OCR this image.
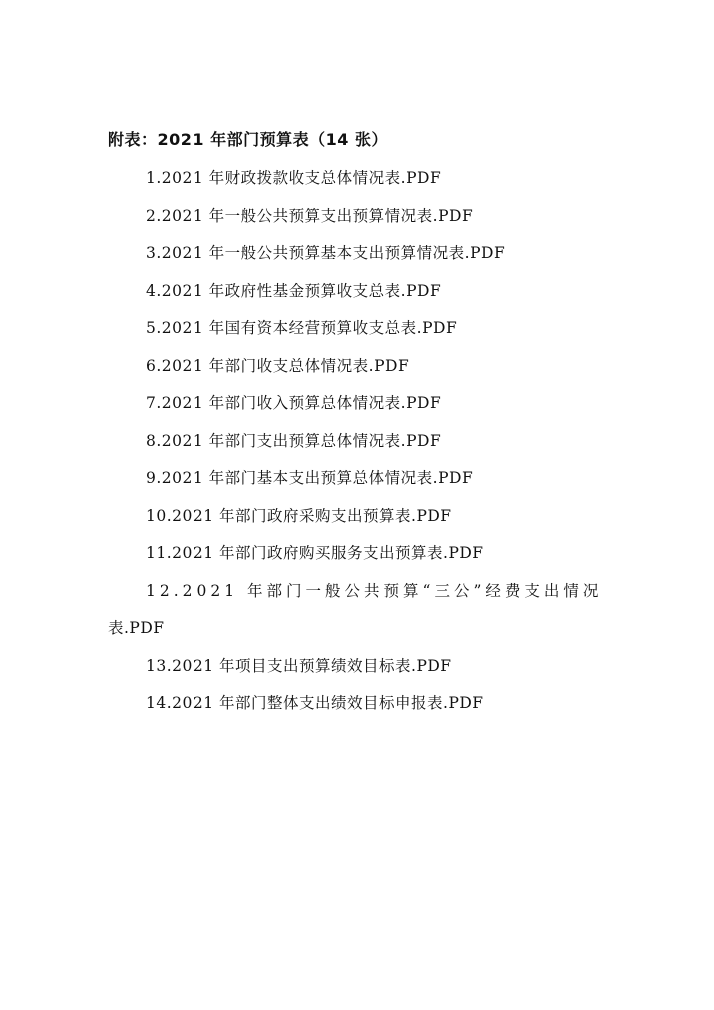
附表：2021 年部门预算表（14 张）
1.2021 年财政拨款收支总体情况表.PDF
2.2021 年一般公共预算支出预算情况表.PDF
3.2021 年一般公共预算基本支出预算情况表.PDF
4.2021 年政府性基金预算收支总表.PDF
5.2021 年国有资本经营预算收支总表.PDF
6.2021 年部门收支总体情况表.PDF
7.2021 年部门收入预算总体情况表.PDF
8.2021 年部门支出预算总体情况表.PDF
9.2021 年部门基本支出预算总体情况表.PDF
10.2021 年部门政府采购支出预算表.PDF
11.2021 年部门政府购买服务支出预算表.PDF
12.2021 年部门一般公共预算“三公”经费支出情况
表.PDF
13.2021 年项目支出预算绩效目标表.PDF
14.2021 年部门整体支出绩效目标申报表.PDF
